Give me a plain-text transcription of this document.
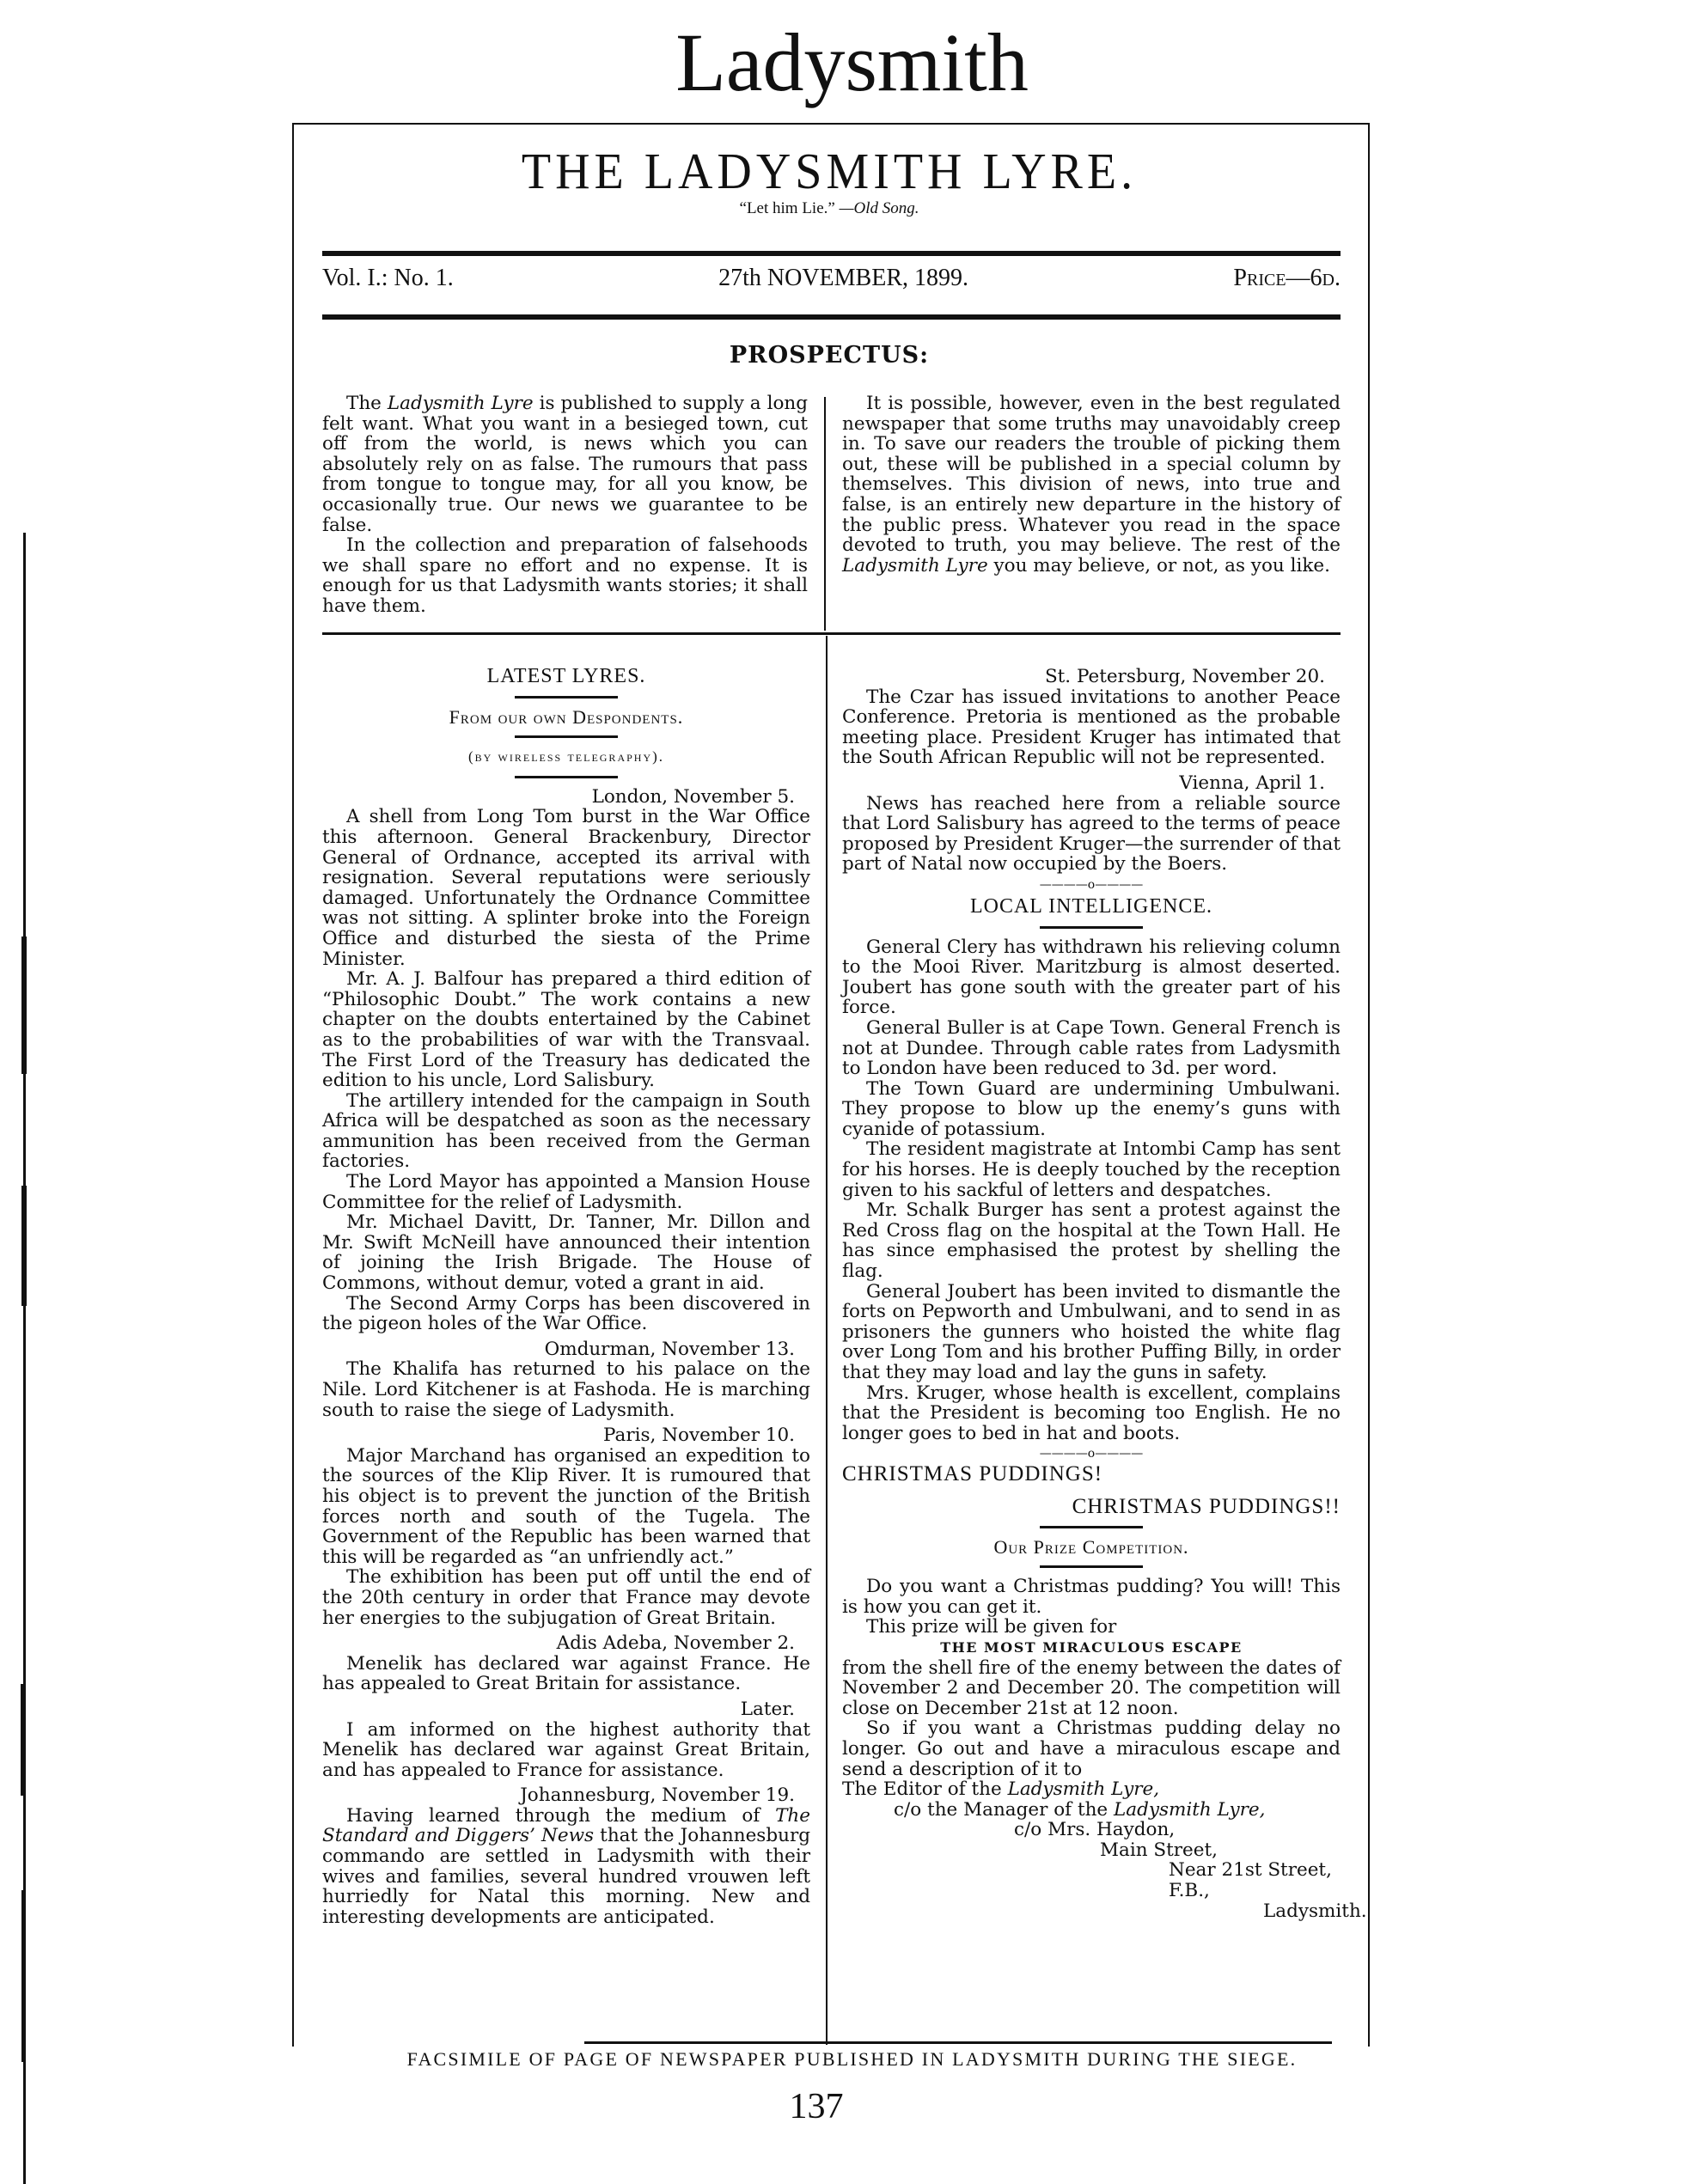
Ladysmith
THE LADYSMITH LYRE.
“Let him Lie.” —Old Song.
Vol. I.: No. 1.	27th NOVEMBER, 1899.	Price—6d.
PROSPECTUS:

The Ladysmith Lyre is published to supply a long felt want. What you want in a besieged town, cut off from the world, is news which you can absolutely rely on as false. The rumours that pass from tongue to tongue may, for all you know, be occasionally true. Our news we guarantee to be false.

In the collection and preparation of falsehoods we shall spare no effort and no expense. It is enough for us that Ladysmith wants stories; it shall have them.

It is possible, however, even in the best regulated newspaper that some truths may unavoidably creep in. To save our readers the trouble of picking them out, these will be published in a special column by themselves. This division of news, into true and false, is an entirely new departure in the history of the public press. Whatever you read in the space devoted to truth, you may believe. The rest of the Ladysmith Lyre you may believe, or not, as you like.

LATEST LYRES.
From our own Despondents.
(by wireless telegraphy).
London, November 5.

A shell from Long Tom burst in the War Office this afternoon. General Brackenbury, Director General of Ordnance, accepted its arrival with resignation. Several reputations were seriously damaged. Unfortunately the Ordnance Committee was not sitting. A splinter broke into the Foreign Office and disturbed the siesta of the Prime Minister.

Mr. A. J. Balfour has prepared a third edition of “Philosophic Doubt.” The work contains a new chapter on the doubts entertained by the Cabinet as to the probabilities of war with the Transvaal. The First Lord of the Treasury has dedicated the edition to his uncle, Lord Salisbury.

The artillery intended for the campaign in South Africa will be despatched as soon as the necessary ammunition has been received from the German factories.

The Lord Mayor has appointed a Mansion House Committee for the relief of Ladysmith.

Mr. Michael Davitt, Dr. Tanner, Mr. Dillon and Mr. Swift McNeill have announced their intention of joining the Irish Brigade. The House of Commons, without demur, voted a grant in aid.

The Second Army Corps has been discovered in the pigeon holes of the War Office.

Omdurman, November 13.

The Khalifa has returned to his palace on the Nile. Lord Kitchener is at Fashoda. He is marching south to raise the siege of Ladysmith.

Paris, November 10.

Major Marchand has organised an expedition to the sources of the Klip River. It is rumoured that his object is to prevent the junction of the British forces north and south of the Tugela. The Government of the Republic has been warned that this will be regarded as “an unfriendly act.”

The exhibition has been put off until the end of the 20th century in order that France may devote her energies to the subjugation of Great Britain.

Adis Adeba, November 2.

Menelik has declared war against France. He has appealed to Great Britain for assistance.

Later.

I am informed on the highest authority that Menelik has declared war against Great Britain, and has appealed to France for assistance.

Johannesburg, November 19.

Having learned through the medium of The Standard and Diggers’ News that the Johannesburg commando are settled in Ladysmith with their wives and families, several hundred vrouwen left hurriedly for Natal this morning. New and interesting developments are anticipated.

St. Petersburg, November 20.

The Czar has issued invitations to another Peace Conference. Pretoria is mentioned as the probable meeting place. President Kruger has intimated that the South African Republic will not be represented.

Vienna, April 1.

News has reached here from a reliable source that Lord Salisbury has agreed to the terms of peace proposed by President Kruger—the surrender of that part of Natal now occupied by the Boers.

————o————
LOCAL INTELLIGENCE.

General Clery has withdrawn his relieving column to the Mooi River. Maritzburg is almost deserted. Joubert has gone south with the greater part of his force.

General Buller is at Cape Town. General French is not at Dundee. Through cable rates from Ladysmith to London have been reduced to 3d. per word.

The Town Guard are undermining Umbulwani. They propose to blow up the enemy’s guns with cyanide of potassium.

The resident magistrate at Intombi Camp has sent for his horses. He is deeply touched by the reception given to his sackful of letters and despatches.

Mr. Schalk Burger has sent a protest against the Red Cross flag on the hospital at the Town Hall. He has since emphasised the protest by shelling the flag.

General Joubert has been invited to dismantle the forts on Pepworth and Umbulwani, and to send in as prisoners the gunners who hoisted the white flag over Long Tom and his brother Puffing Billy, in order that they may load and lay the guns in safety.

Mrs. Kruger, whose health is excellent, complains that the President is becoming too English. He no longer goes to bed in hat and boots.

————o————
CHRISTMAS PUDDINGS!
CHRISTMAS PUDDINGS!!
Our Prize Competition.

Do you want a Christmas pudding? You will! This is how you can get it.

This prize will be given for

THE MOST MIRACULOUS ESCAPE

from the shell fire of the enemy between the dates of November 2 and December 20. The competition will close on December 21st at 12 noon.

So if you want a Christmas pudding delay no longer. Go out and have a miraculous escape and send a description of it to

The Editor of the Ladysmith Lyre,

c/o the Manager of the Ladysmith Lyre,

c/o Mrs. Haydon,

Main Street,

Near 21st Street, F.B.,

Ladysmith.

FACSIMILE OF PAGE OF NEWSPAPER PUBLISHED IN LADYSMITH DURING THE SIEGE.
137
